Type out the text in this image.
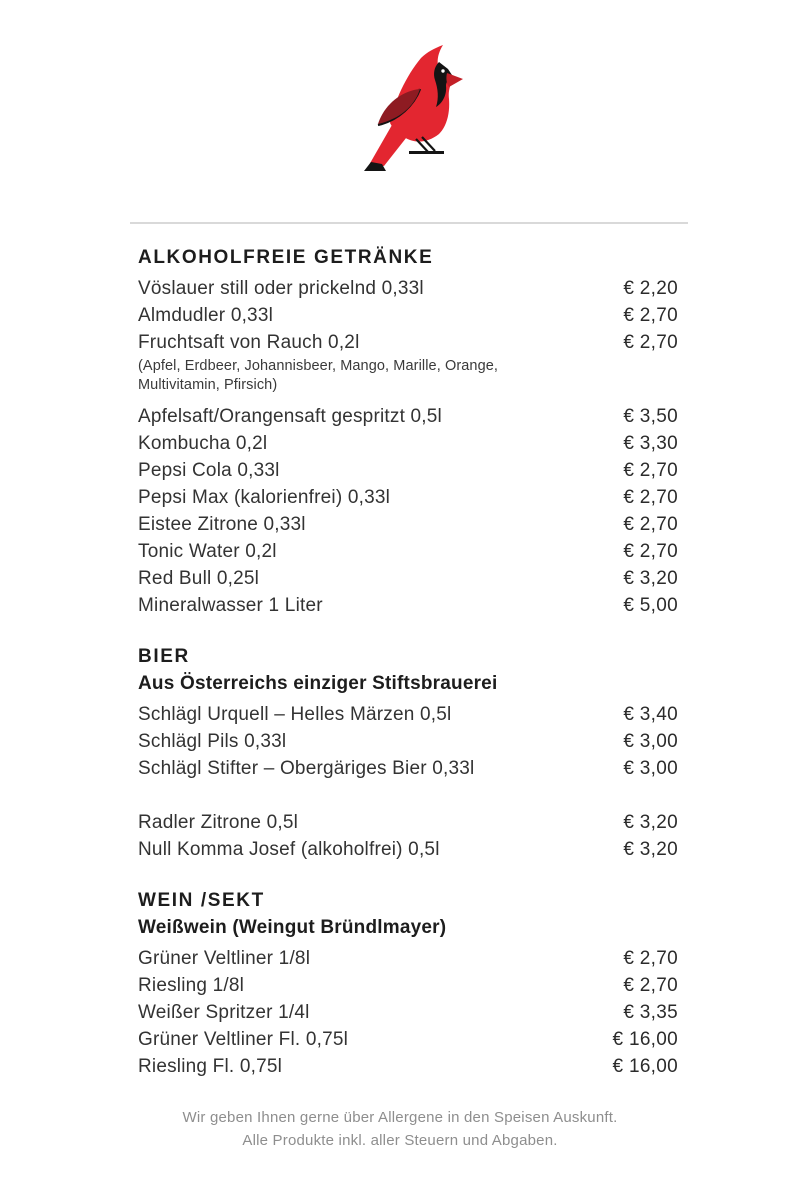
ALKOHOLFREIE GETRÄNKE
Vöslauer still oder prickelnd 0,33l	€ 2,20
Almdudler 0,33l	€ 2,70
Fruchtsaft von Rauch 0,2l	€ 2,70
(Apfel, Erdbeer, Johannisbeer, Mango, Marille, Orange, Multivitamin, Pfirsich)
Apfelsaft/Orangensaft gespritzt 0,5l	€ 3,50
Kombucha 0,2l	€ 3,30
Pepsi Cola 0,33l	€ 2,70
Pepsi Max (kalorienfrei) 0,33l	€ 2,70
Eistee Zitrone 0,33l	€ 2,70
Tonic Water 0,2l	€ 2,70
Red Bull 0,25l	€ 3,20
Mineralwasser 1 Liter	€ 5,00
BIER
Aus Österreichs einziger Stiftsbrauerei
Schlägl Urquell – Helles Märzen 0,5l	€ 3,40
Schlägl Pils 0,33l	€ 3,00
Schlägl Stifter – Obergäriges Bier 0,33l	€ 3,00
Radler Zitrone 0,5l	€ 3,20
Null Komma Josef (alkoholfrei) 0,5l	€ 3,20
WEIN /SEKT
Weißwein (Weingut Bründlmayer)
Grüner Veltliner 1/8l	€ 2,70
Riesling 1/8l	€ 2,70
Weißer Spritzer 1/4l	€ 3,35
Grüner Veltliner Fl. 0,75l	€ 16,00
Riesling Fl. 0,75l	€ 16,00
Wir geben Ihnen gerne über Allergene in den Speisen Auskunft.
Alle Produkte inkl. aller Steuern und Abgaben.
